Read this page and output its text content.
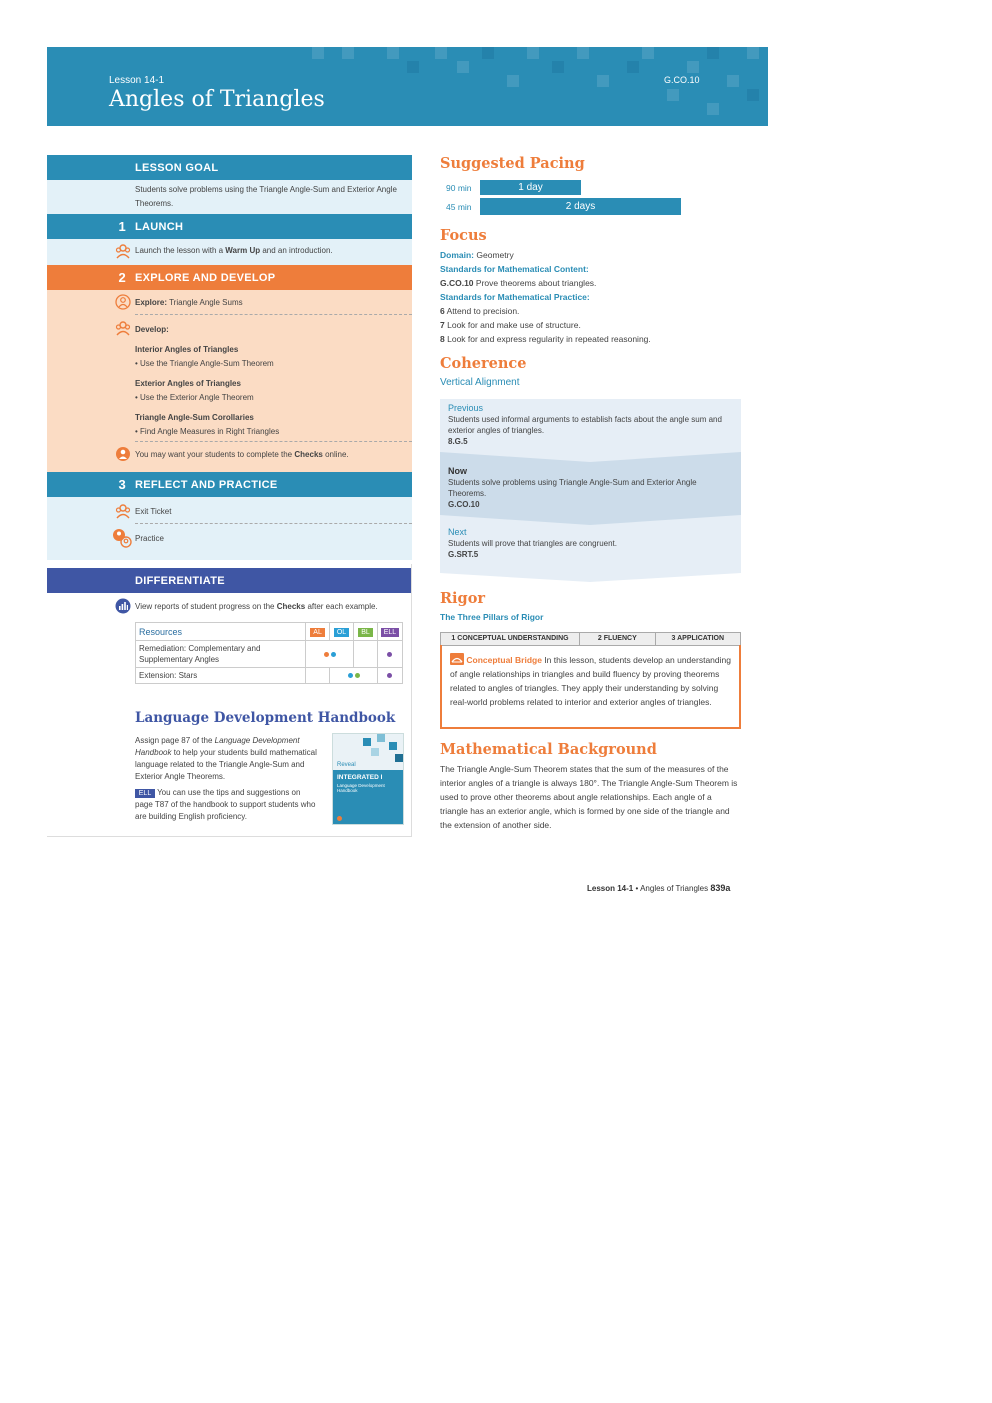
Lesson 14-1
Angles of Triangles
G.CO.10
LESSON GOAL
Students solve problems using the Triangle Angle-Sum and Exterior Angle Theorems.
1 LAUNCH
Launch the lesson with a Warm Up and an introduction.
2 EXPLORE AND DEVELOP
Explore: Triangle Angle Sums
Develop:
Interior Angles of Triangles
• Use the Triangle Angle-Sum Theorem
Exterior Angles of Triangles
• Use the Exterior Angle Theorem
Triangle Angle-Sum Corollaries
• Find Angle Measures in Right Triangles
You may want your students to complete the Checks online.
3 REFLECT AND PRACTICE
Exit Ticket
Practice
DIFFERENTIATE
View reports of student progress on the Checks after each example.
Resources	AL	OL	BL	ELL
Remediation: Complementary and Supplementary Angles				
Extension: Stars				
Language Development Handbook
Assign page 87 of the Language Development Handbook to help your students build mathematical language related to the Triangle Angle-Sum and Exterior Angle Theorems.
ELL You can use the tips and suggestions on page T87 of the handbook to support students who are building English proficiency.
Reveal
INTEGRATED I
Language Development Handbook
Suggested Pacing
90 min	1 day
45 min	2 days
Focus
Domain: Geometry
Standards for Mathematical Content:
G.CO.10 Prove theorems about triangles.
Standards for Mathematical Practice:
6 Attend to precision.
7 Look for and make use of structure.
8 Look for and express regularity in repeated reasoning.
Coherence
Vertical Alignment
Previous
Students used informal arguments to establish facts about the angle sum and exterior angles of triangles.
8.G.5
Now
Students solve problems using Triangle Angle-Sum and Exterior Angle Theorems.
G.CO.10
Next
Students will prove that triangles are congruent.
G.SRT.5
Rigor
The Three Pillars of Rigor
1 CONCEPTUAL UNDERSTANDING	2 FLUENCY	3 APPLICATION
Conceptual Bridge In this lesson, students develop an understanding of angle relationships in triangles and build fluency by proving theorems related to angles of triangles. They apply their understanding by solving real-world problems related to interior and exterior angles of triangles.
Mathematical Background
The Triangle Angle-Sum Theorem states that the sum of the measures of the interior angles of a triangle is always 180°. The Triangle Angle-Sum Theorem is used to prove other theorems about angle relationships. Each angle of a triangle has an exterior angle, which is formed by one side of the triangle and the extension of another side.
Lesson 14-1 • Angles of Triangles 839a
